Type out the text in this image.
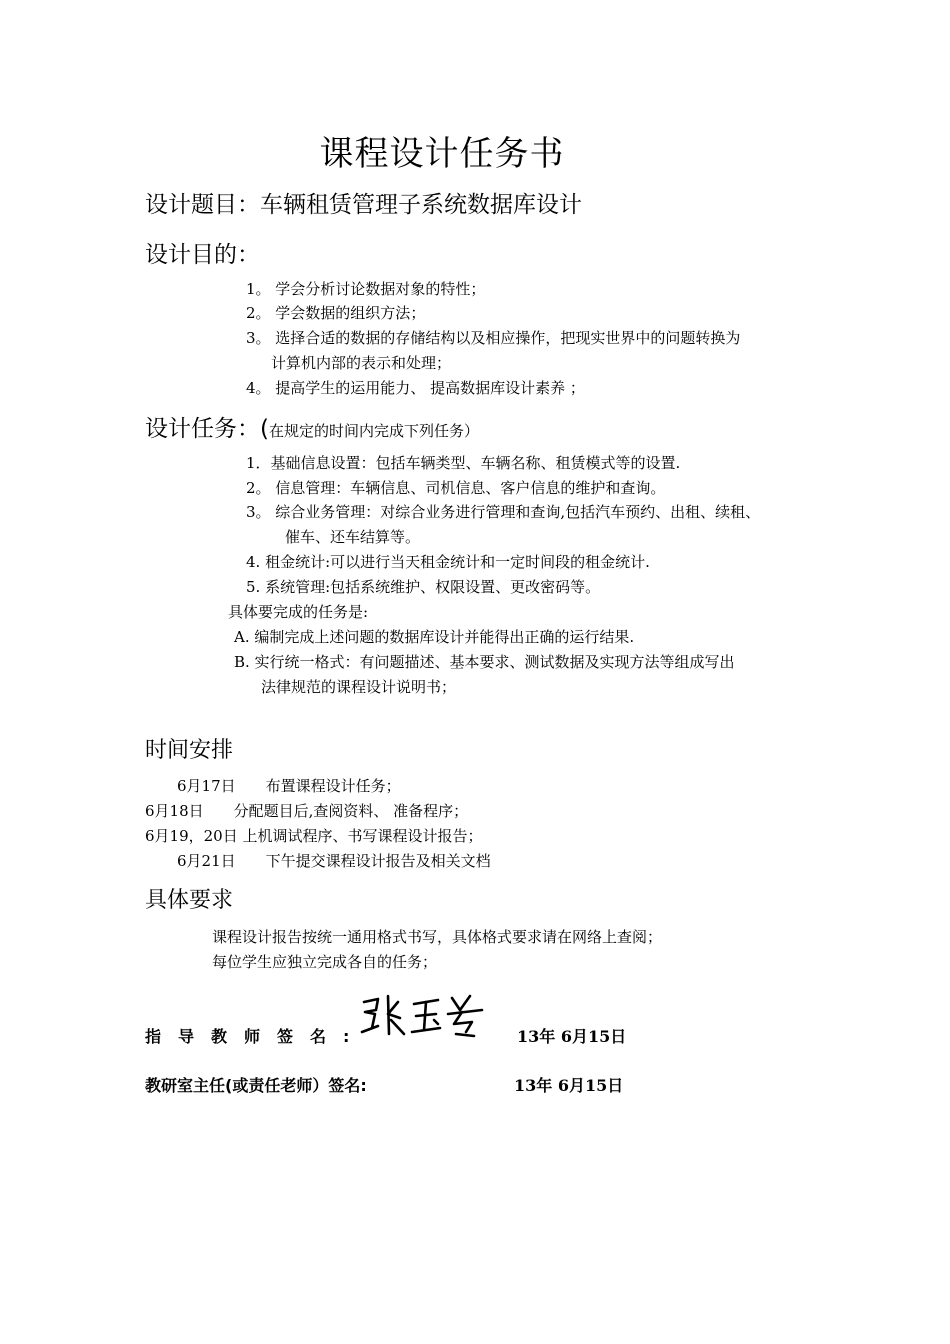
课程设计任务书
设计题目：车辆租赁管理子系统数据库设计
设计目的：
1。 学会分析讨论数据对象的特性；
2。 学会数据的组织方法；
3。 选择合适的数据的存储结构以及相应操作，把现实世界中的问题转换为
计算机内部的表示和处理；
4。 提高学生的运用能力、 提高数据库设计素养 ；
设计任务：(在规定的时间内完成下列任务）
1．基础信息设置：包括车辆类型、车辆名称、租赁模式等的设置.
2。 信息管理：车辆信息、司机信息、客户信息的维护和查询。
3。 综合业务管理：对综合业务进行管理和查询,包括汽车预约、出租、续租、
催车、还车结算等。
4. 租金统计:可以进行当天租金统计和一定时间段的租金统计.
5. 系统管理:包括系统维护、权限设置、更改密码等。
具体要完成的任务是:
A. 编制完成上述问题的数据库设计并能得出正确的运行结果.
B. 实行统一格式：有问题描述、基本要求、测试数据及实现方法等组成写出
法律规范的课程设计说明书；
时间安排
6月17日　　布置课程设计任务；
6月18日　　分配题目后,查阅资料、 准备程序；
6月19，20日 上机调试程序、书写课程设计报告；
6月21日　　下午提交课程设计报告及相关文档
具体要求
课程设计报告按统一通用格式书写，具体格式要求请在网络上查阅；
每位学生应独立完成各自的任务；
指导教师签名:	13年 6月15日
教研室主任(或责任老师）签名:	13年 6月15日
